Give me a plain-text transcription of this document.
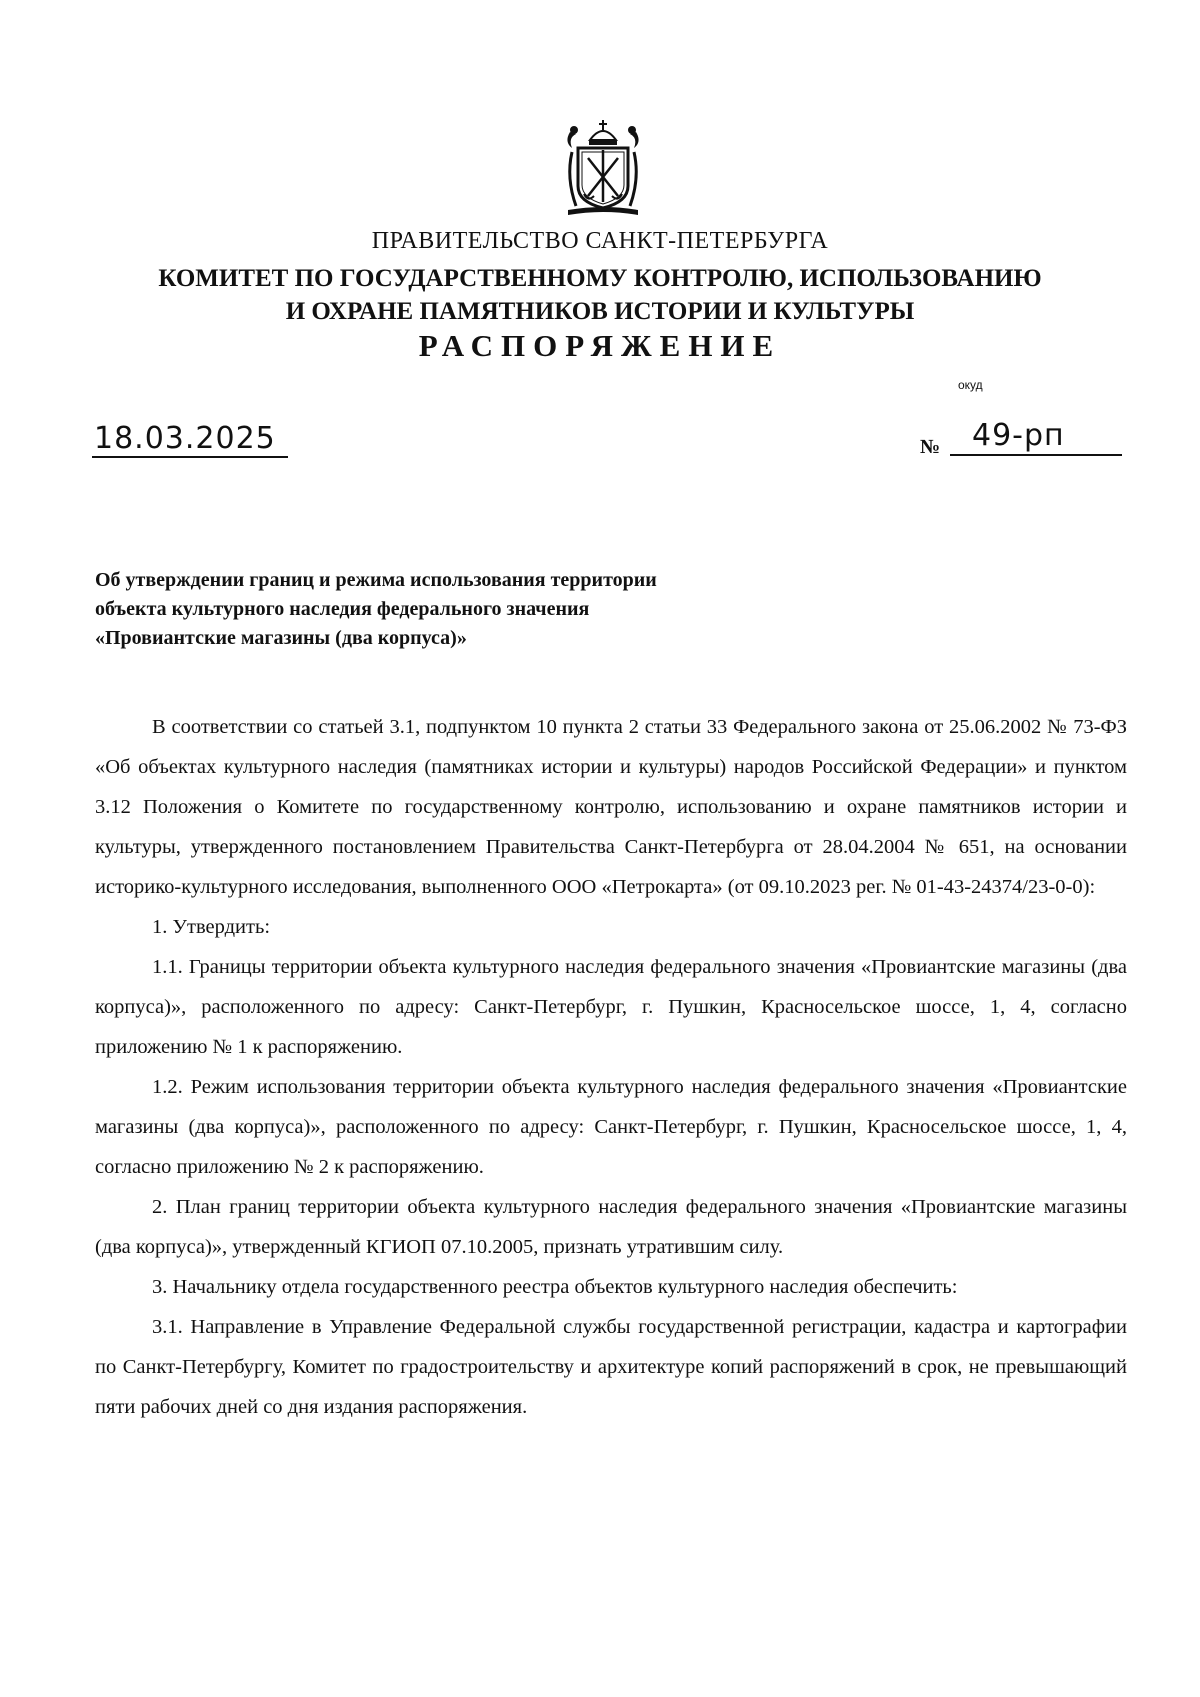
ПРАВИТЕЛЬСТВО САНКТ-ПЕТЕРБУРГА
КОМИТЕТ ПО ГОСУДАРСТВЕННОМУ КОНТРОЛЮ, ИСПОЛЬЗОВАНИЮ
И ОХРАНЕ ПАМЯТНИКОВ ИСТОРИИ И КУЛЬТУРЫ
РАСПОРЯЖЕНИЕ
окуд
18.03.2025	№	49-рп
Об утверждении границ и режима использования территории
объекта культурного наследия федерального значения
«Провиантские магазины (два корпуса)»

В соответствии со статьей 3.1, подпунктом 10 пункта 2 статьи 33 Федерального закона от 25.06.2002 № 73-ФЗ «Об объектах культурного наследия (памятниках истории и культуры) народов Российской Федерации» и пунктом 3.12 Положения о Комитете по государственному контролю, использованию и охране памятников истории и культуры, утвержденного постановлением Правительства Санкт-Петербурга от 28.04.2004 № 651, на основании историко-культурного исследования, выполненного ООО «Петрокарта» (от 09.10.2023 рег. № 01-43-24374/23-0-0):

1. Утвердить:

1.1. Границы территории объекта культурного наследия федерального значения «Провиантские магазины (два корпуса)», расположенного по адресу: Санкт-Петербург, г. Пушкин, Красносельское шоссе, 1, 4, согласно приложению № 1 к распоряжению.

1.2. Режим использования территории объекта культурного наследия федерального значения «Провиантские магазины (два корпуса)», расположенного по адресу: Санкт-Петербург, г. Пушкин, Красносельское шоссе, 1, 4, согласно приложению № 2 к распоряжению.

2. План границ территории объекта культурного наследия федерального значения «Провиантские магазины (два корпуса)», утвержденный КГИОП 07.10.2005, признать утратившим силу.

3. Начальнику отдела государственного реестра объектов культурного наследия обеспечить:

3.1. Направление в Управление Федеральной службы государственной регистрации, кадастра и картографии по Санкт-Петербургу, Комитет по градостроительству и архитектуре копий распоряжений в срок, не превышающий пяти рабочих дней со дня издания распоряжения.
